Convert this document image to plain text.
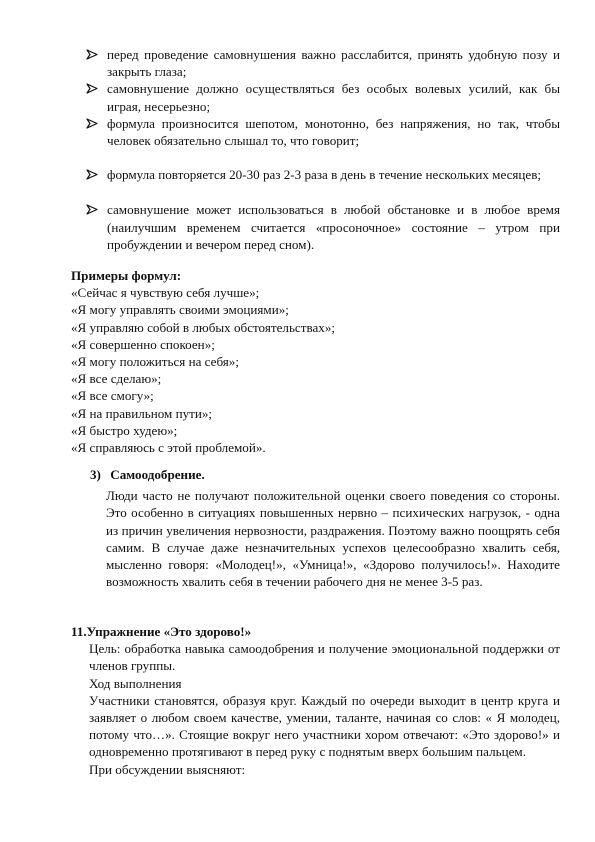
перед проведение самовнушения важно расслабится, принять удобную позу и закрыть глаза;
самовнушение должно осуществляться без особых волевых усилий, как бы играя, несерьезно;
формула произносится шепотом, монотонно, без напряжения, но так, чтобы человек обязательно слышал то, что говорит;
формула повторяется 20-30 раз 2-3 раза в день в течение нескольких месяцев;
самовнушение может использоваться в любой обстановке и в любое время (наилучшим временем считается «просоночное» состояние – утром при пробуждении и вечером перед сном).

Примеры формул:

«Сейчас я чувствую себя лучше»;

«Я могу управлять своими эмоциями»;

«Я управляю собой в любых обстоятельствах»;

«Я совершенно спокоен»;

«Я могу положиться на себя»;

«Я все сделаю»;

«Я все смогу»;

«Я на правильном пути»;

«Я быстро худею»;

«Я справляюсь с этой проблемой».

3) Самоодобрение.

Люди часто не получают положительной оценки своего поведения со стороны. Это особенно в ситуациях повышенных нервно – психических нагрузок, - одна из причин увеличения нервозности, раздражения. Поэтому важно поощрять себя самим. В случае даже незначительных успехов целесообразно хвалить себя, мысленно говоря: «Молодец!», «Умница!», «Здорово получилось!». Находите возможность хвалить себя в течении рабочего дня не менее 3-5 раз.

11.Упражнение «Это здорово!»

Цель: обработка навыка самоодобрения и получение эмоциональной поддержки от членов группы.

Ход выполнения

Участники становятся, образуя круг. Каждый по очереди выходит в центр круга и заявляет о любом своем качестве, умении, таланте, начиная со слов: « Я молодец, потому что…». Стоящие вокруг него участники хором отвечают: «Это здорово!» и одновременно протягивают в перед руку с поднятым вверх большим пальцем.

При обсуждении выясняют:
